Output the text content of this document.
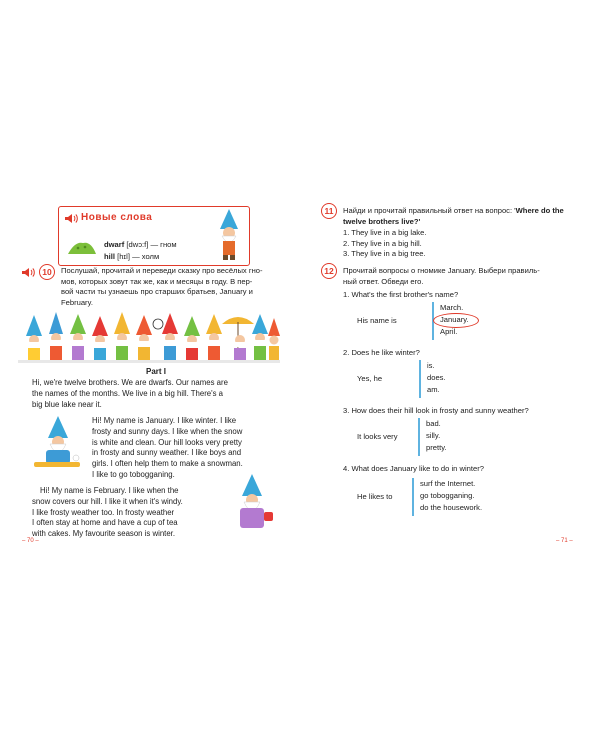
Новые слова
dwarf [dwɔ:f] — гном
hill [hɪl] — холм
10	Послушай, прочитай и переведи сказку про весёлых гно-
мов, которых зовут так же, как и месяцы в году. В пер-
вой части ты узнаешь про старших братьев, January и
February.
Part I
Hi, we're twelve brothers. We are dwarfs. Our names are
the names of the months. We live in a big hill. There's a
big blue lake near it.
Hi! My name is January. I like winter. I like
frosty and sunny days. I like when the snow
is white and clean. Our hill looks very pretty
in frosty and sunny weather. I like boys and
girls. I often help them to make a snowman.
I like to go tobogganing.
Hi! My name is February. I like when the
snow covers our hill. I like it when it's windy.
I like frosty weather too. In frosty weather
I often stay at home and have a cup of tea
with cakes. My favourite season is winter.
– 70 –
11	Найди и прочитай правильный ответ на вопрос: 'Where do the twelve brothers live?'
1. They live in a big lake.
2. They live in a big hill.
3. They live in a big tree.
12	Прочитай вопросы о гномике January. Выбери правиль-
ный ответ. Обведи его.
1. What's the first brother's name?
His name is
March.
January.
April.
2. Does he like winter?
Yes, he
is.
does.
am.
3. How does their hill look in frosty and sunny weather?
It looks very
bad.
silly.
pretty.
4. What does January like to do in winter?
He likes to
surf the Internet.
go tobogganing.
do the housework.
– 71 –
